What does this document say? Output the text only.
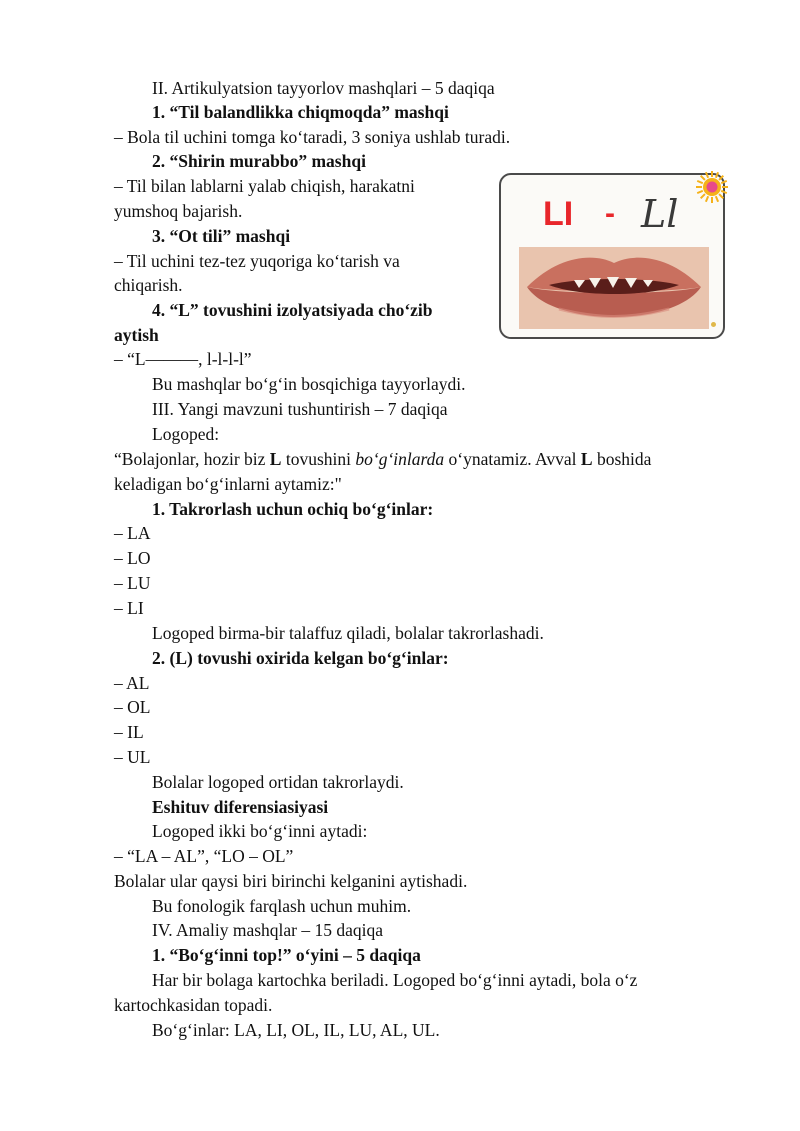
II. Artikulyatsion tayyorlov mashqlari – 5 daqiqa
1. “Til balandlikka chiqmoqda” mashqi
– Bola til uchini tomga ko‘taradi, 3 soniya ushlab turadi.
2. “Shirin murabbo” mashqi
– Til bilan lablarni yalab chiqish, harakatni
yumshoq bajarish.
3. “Ot tili” mashqi
– Til uchini tez-tez yuqoriga ko‘tarish va
chiqarish.
4. “L” tovushini izolyatsiyada cho‘zib
aytish
– “L———, l-l-l-l”
Bu mashqlar bo‘g‘in bosqichiga tayyorlaydi.
III. Yangi mavzuni tushuntirish – 7 daqiqa
Logoped:
“Bolajonlar, hozir biz L tovushini bo‘g‘inlarda o‘ynatamiz. Avval L boshida
keladigan bo‘g‘inlarni aytamiz:"
1. Takrorlash uchun ochiq bo‘g‘inlar:
– LA
– LO
– LU
– LI
Logoped birma-bir talaffuz qiladi, bolalar takrorlashadi.
2. (L) tovushi oxirida kelgan bo‘g‘inlar:
– AL
– OL
– IL
– UL
Bolalar logoped ortidan takrorlaydi.
Eshituv diferensiasiyasi
Logoped ikki bo‘g‘inni aytadi:
– “LA – AL”, “LO – OL”
Bolalar ular qaysi biri birinchi kelganini aytishadi.
Bu fonologik farqlash uchun muhim.
IV. Amaliy mashqlar – 15 daqiqa
1. “Bo‘g‘inni top!” o‘yini – 5 daqiqa
Har bir bolaga kartochka beriladi. Logoped bo‘g‘inni aytadi, bola o‘z
kartochkasidan topadi.
Bo‘g‘inlar: LA, LI, OL, IL, LU, AL, UL.
LI - Ll
